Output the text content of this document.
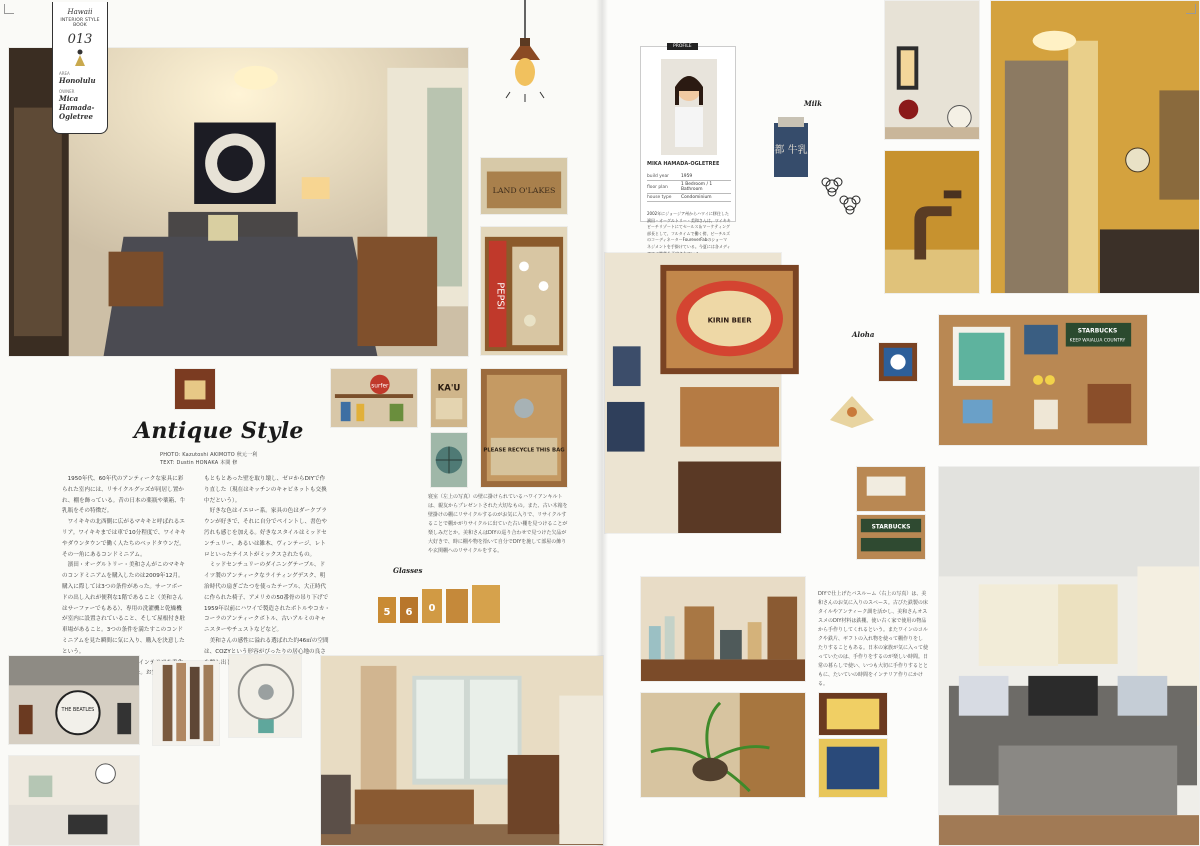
Hawaii
INTERIOR STYLE BOOK
013
AREA
Honolulu
OWNER
Mica Hamada-Ogletree
LAND O'LAKES
PEPSI
surfer	KA'U
PLEASE RECYCLE THIS BAG
Antique Style
PHOTO: Kazutoshi AKIMOTO 秋元一利
TEXT: Dustin HONAKA 本間 修
　1950年代、60年代のアンティークな家具に彩られた室内には、リサイクルグッズが同居し置かれ、棚を飾っている。昔の日本の薬瓶や薬箱、牛乳瓶をその特徴だ。
　ワイキキの北西側に広がるマキキと呼ばれるエリア。ワイキキまでは車で10分程度で、ワイキキやダウンタウンで働く人たちのベッドタウンだ。その一角にあるコンドミニアム。
　濱田・オーグルトリー・美和さんがこのマキキのコンドミニアムを購入したのは2009年12月。購入に際しては3つの条件があった。サーフボードの出し入れが便利な1階であること（美和さんはサーファーでもある）、専用の洗濯機と乾燥機が室内に設置されていること、そして屋根付き駐車場があること。3つの条件を満たすこのコンドミニアムを見た瞬間に気に入り、購入を決意したという。

もともとあった壁を取り壊し、ゼロからDIYで作り直した（現在はキッチンのキャビネットも交換中だという）。
　好きな色はイエロー系。家具の色はダークブラウンが好きで、それに自分でペイントし、書色や汚れも感じを加える。好きなスタイルはミッドセンチュリー、あるいは雑木、ヴィンテージ、レトロといったテイストがミックスされたもの。
　ミッドセンチュリーのダイニングテーブル、ドイツ製のアンティークなライティングデスク、明治時代の扇ぎごたつを使ったテーブル、大正時代に作られた椅子、アメリカの50番骨の吊り下げで1959年以前にハワイで製造されたボトルやコカ・コーラのアンティークボトル、古いアルミのキャニスターやチェストなどなど。
　美和さんの感性に溢れる選ばれた約46㎡の空間は、COZYという形容がぴったりの居心地の良さ し出し
寝室（左上の写真）の壁に掛けられているハワイアンキルトは、親友からプレゼントされた大切なもの。また、古い木箱を壁掛けの棚にリサイクルするのがお気に入りで、リサイクルすることで棚かがりサイクルに出ていた古い棚を見つけることが楽しみだとか。美和さんはDIYの巡り合わせで見つけた欠品が大好きで、時に棚や物を拾いて自分でDIYを施して部屋の飾りや玄関棚へのリサイクルをする。
Glasses
5 6 0
THE BEATLES
PROFILE
MIKA HAMADA-OGLETREE
build year	1959
floor plan	1 Bedroom / 1 Bathroom
house type	Condominium
2002年にジョージア州からハワイに移住した濱田・オーグルトリー・美和さんは、ワイキキビーチリゾートにてセールス＆マーケティング部長として、フルタイムで働く傍、ビーチルズのコーディネーターFoureverFabのショーマネジメントを手掛けている。今夏には各メディ
Milk
都 牛乳
KIRIN BEER
Aloha	STARBUCKS
KEEP WAIALUA COUNTRY
STARBUCKS
DIYで仕上げたバスルーム（右上の写真）は、美和さんのお気に入りのスペース。古びた鉄製の床タイルやアンティーク調を活かし、美和さんオススメのDIY材料は鉄棚。使い古く家で使用の物品から手作りしてくれるという。またワインのコルクや鉄片、ギフトの入れ物を使って棚作りをしたりすることもある。日本の家族が気に入って使っていたのは、手作りをするのが楽しい時間。日常の暮らしで使い、いつも大切に手作りするとともに、たいていの時間をインテリア作りにかける。
